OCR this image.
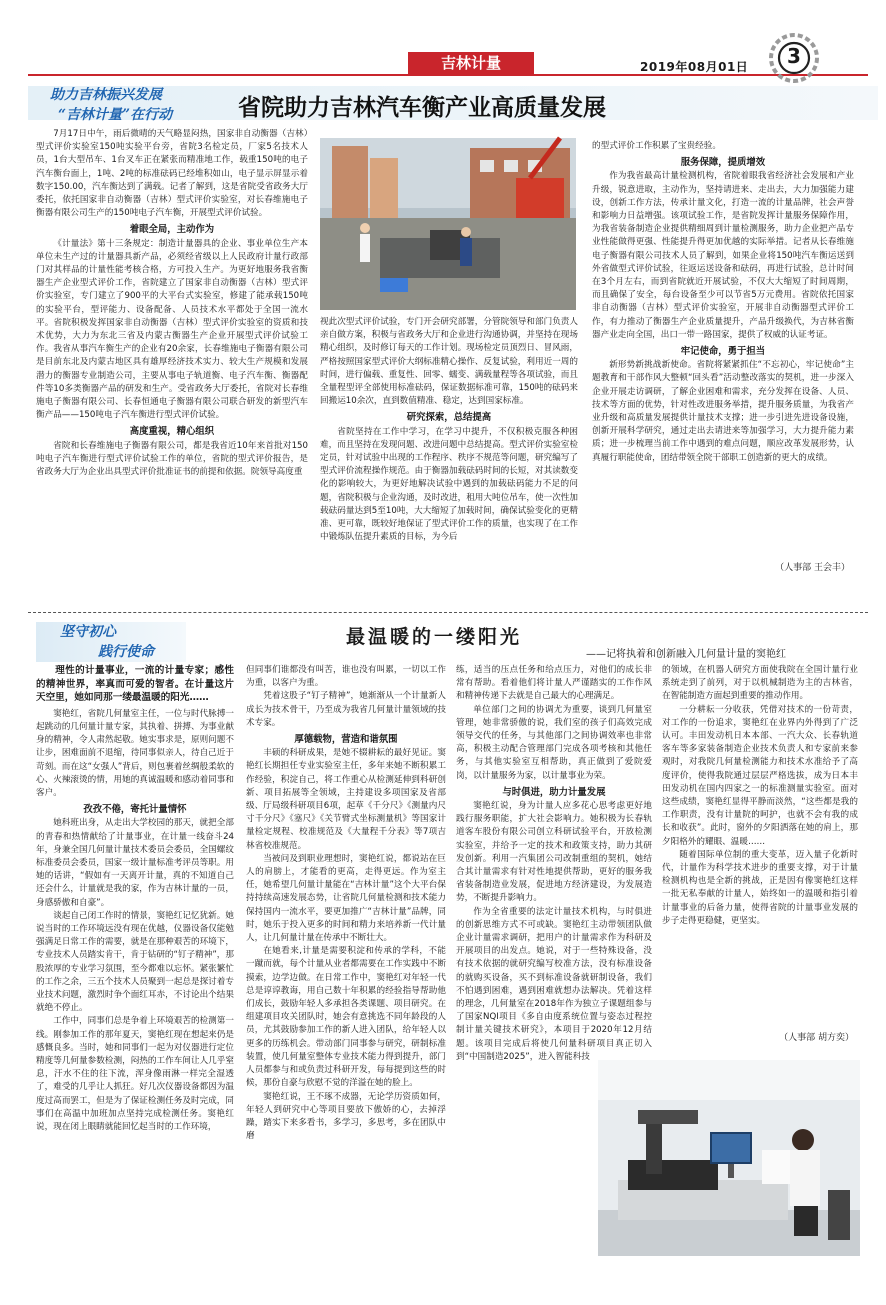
吉林计量	2019年08月01日	3
助力吉林振兴发展
“吉林计量”在行动	省院助力吉林汽车衡产业高质量发展

7月17日中午，雨后微晴的天气略显闷热，国家非自动衡器（吉林）型式评价实验室150吨实验平台旁，省院3名检定员，厂家5名技术人员，1台大型吊车、1台叉车正在紧张而精准地工作，载重150吨的电子汽车衡台面上，1吨、2吨的标准砝码已经堆积如山，电子显示屏显示着数字150.00，汽车衡达到了满载。记者了解到，这是省院受省政务大厅委托，依托国家非自动衡器（吉林）型式评价实验室，对长春维施电子衡器有限公司生产的150吨电子汽车衡，开展型式评价试验。

着眼全局，主动作为

《计量法》第十三条规定：制造计量器具的企业、事业单位生产本单位未生产过的计量器具新产品，必须经省级以上人民政府计量行政部门对其样品的计量性能考核合格，方可投入生产。为更好地服务我省衡器生产企业型式评价工作，省院建立了国家非自动衡器（吉林）型式评价实验室，专门建立了900平的大平台式实验室，修建了能承载150吨的实验平台，型评能力、设备配备、人员技术水平都处于全国一流水平。省院积极发挥国家非自动衡器（吉林）型式评价实验室的资质和技术优势，大力为东北三省及内蒙古衡器生产企业开展型式评价试验工作。我省从事汽车衡生产的企业有20余家，长春维施电子衡器有限公司是目前东北及内蒙古地区具有雄厚经济技术实力、较大生产规模和发展潜力的衡器专业制造公司，主要从事电子轨道衡、电子汽车衡、衡器配件等10多类衡器产品的研发和生产。受省政务大厅委托，省院对长春维施电子衡器有限公司、长春恒通电子衡器有限公司联合研发的新型汽车衡产品——150吨电子汽车衡进行型式评价试验。

高度重视，精心组织

省院和长春维施电子衡器有限公司，都是我省近10年来首批对150吨电子汽车衡进行型式评价试验工作的单位，省院的型式评价报告，是省政务大厅为企业出具型式评价批准证书的前提和依据。院领导高度重

视此次型式评价试验，专门开会研究部署，分管院领导和部门负责人亲自做方案，积极与省政务大厅和企业进行沟通协调，并坚持在现场精心组织，及时修订每天的工作计划。现场检定员顶烈日、冒风雨，严格按照国家型式评价大纲标准精心操作、反复试验，利用近一周的时间，进行偏载、重复性、回零、蠕变、满载量程等各项试验，而且全量程型评全部使用标准砝码，保证数据标准可靠，150吨的砝码来回搬运10余次，直到数值精准、稳定，达到国家标准。
研究探索，总结提高

省院坚持在工作中学习，在学习中提升，不仅积极克服各种困难，而且坚持在发现问题、改进问题中总结提高。型式评价实验室检定员，针对试验中出现的工作程序、秩序不规范等问题，研究编写了型式评价流程操作规范。由于衡器加载砝码时间的长短，对其读数变化的影响较大，为更好地解决试验中遇到的加载砝码能力不足的问题，省院积极与企业沟通，及时改进，租用大吨位吊车，使一次性加载砝码量达到5至10吨，大大缩短了加载时间，确保试验变化的更精准、更可靠，既较好地保证了型式评价工作的质量，也实现了在工作中锻炼队伍提升素质的目标，为今后

的型式评价工作积累了宝贵经验。
服务保障，提质增效

作为我省最高计量检测机构，省院着眼我省经济社会发展和产业升级，锐意进取，主动作为，坚持请进来、走出去，大力加强能力建设，创新工作方法，传承计量文化，打造一流的计量品牌，社会声誉和影响力日益增强。该项试验工作，是省院发挥计量服务保障作用，为我省装备制造企业提供精细周到计量检测服务，助力企业把产品专业性能做得更强、性能提升得更加优越的实际举措。记者从长春维施电子衡器有限公司技术人员了解到，如果企业将150吨汽车衡运送到外省做型式评价试验，往返运送设备和砝码，再进行试验，总计时间在3个月左右，而到省院就近开展试验，不仅大大缩短了时间周期，而且确保了安全，每台设备至少可以节省5万元费用。省院依托国家非自动衡器（吉林）型式评价实验室，开展非自动衡器型式评价工作，有力推动了衡器生产企业质量提升，产品升级换代，为吉林省衡器产业走向全国，出口一带一路国家，提供了权威的认证考证。

牢记使命，勇于担当

新形势新挑战新使命。省院将紧紧抓住“不忘初心，牢记使命”主题教育和干部作风大整顿“回头看”活动整改落实的契机，进一步深入企业开展走访调研，了解企业困难和需求，充分发挥在设备、人员、技术等方面的优势，针对性改进服务举措，提升服务质量，为我省产业升级和高质量发展提供计量技术支撑；进一步引进先进设备设施，创新开展科学研究，通过走出去请进来等加强学习，大力提升能力素质；进一步梳理当前工作中遇到的难点问题，顺应改革发展形势，认真履行职能使命，团结带领全院干部职工创造新的更大的成绩。

（人事部 王会丰）
坚守初心
践行使命
最温暖的一缕阳光
——记将执着和创新融入几何量计量的窦艳红
理性的计量事业，一流的计量专家；感性的精神世界，率真而可爱的智者。在计量这片天空里，她如同那一缕最温暖的阳光……

窦艳红，省院几何量室主任，一位与时代脉搏一起跳动的几何量计量专家，其执着、拼搏、为事业献身的精神，令人肃然起敬。她实事求是，原则问题不让步，困难面前不退缩，待同事似亲人，待自己近于苛刻。而在这“女强人”背后，则包裹着丝绸般柔软的心、火辣滚烫的情，用她的真诚温暖和感动着同事和客户。

孜孜不倦，寄托计量情怀

她科班出身，从走出大学校园的那天，就把全部的青春和热情献给了计量事业，在计量一线奋斗24年，身兼全国几何量计量技术委员会委员，全国螺纹标准委员会委员，国家一级计量标准考评员等职。用她的话讲，“假如有一天离开计量，真的不知道自己还会什么，计量就是我的家，作为吉林计量的一员，身感骄傲和自豪”。

谈起自己闭工作时的情景，窦艳红记忆犹新。她说当时的工作环境远没有现在优越，仪器设备仅能勉强满足日常工作的需要，就是在那种艰苦的环境下，专业技术人员踏实肯干，肯于钻研的“钉子精神”，那股浓厚的专业学习氛围，至今都难以忘怀。紧张繁忙的工作之余，三五个技术人员聚到一起总是探讨着专业技术问题，激烈时争个面红耳赤，不讨论出个结果就绝不停止。

工作中，同事们总是争着上环境艰苦的检测第一线。刚参加工作的那年夏天，窦艳红现在想起来仍是感慨良多。当时，她和同事们一起为对仪器进行定位精度等几何量参数检测，闷热的工作车间让人几乎窒息，汗水不住的往下流，浑身像雨淋一样完全湿透了，难受的几乎让人抓狂。好几次仪器设备都因为温度过高而罢工，但是为了保证检测任务及时完成，同事们在高温中加班加点坚持完成检测任务。窦艳红说，现在闭上眼睛就能回忆起当时的工作环境，

但同事们谁都没有叫苦，谁也没有叫累，一切以工作为重，以客户为重。

凭着这股子“钉子精神”，她渐渐从一个计量新人成长为技术骨干，乃至成为我省几何量计量领域的技术专家。

厚德载物，营造和谐氛围

丰硕的科研成果，是她不辍耕耘的最好见证。窦艳红长期担任专业实验室主任，多年来她不断积累工作经验，积淀自己，将工作重心从检测延伸到科研创新、项目拓展等全领域，主持建设多项国家及省部级、厅局级科研项目6项，起草《千分尺》《测量内尺寸千分尺》《塞尺》《关节臂式坐标测量机》等国家计量检定规程、校准规范及《大量程千分表》等7项吉林省校准规范。

当被问及到职业理想时，窦艳红说，都说站在巨人的肩膀上，才能看的更高，走得更远。作为室主任，她希望几何量计量能在“吉林计量”这个大平台保持持续高速发展态势，让省院几何量检测和技术能力保持国内一流水平，要更加推广“吉林计量”品牌，同时，她乐于投入更多的时间和精力来培养新一代计量人，让几何量计量在传承中不断壮大。

在她看来,计量是需要积淀和传承的学科，不能一蹴而就，每个计量从业者都需要在工作实践中不断摸索，边学边做。在日常工作中，窦艳红对年轻一代总是谆谆教诲，用自己数十年积累的经验指导帮助他们成长，鼓励年轻人多承担各类课题、项目研究。在组建项目攻关团队时，她会有意挑选不同年龄段的人员，尤其鼓励参加工作的新人进入团队，给年轻人以更多的历练机会。带动部门同事参与研究，研制标准装置，使几何量室整体专业技术能力得到提升，部门人员都参与和或负责过科研开发，每每提到这些的时候，那份自豪与欣慰不觉的洋溢在她的脸上。

窦艳红说，王不琢不成器，无论学历资质如何，年轻人到研究中心等项目要放下傲娇的心，去掉浮躁，踏实下来多看书，多学习，多思考，多在团队中磨

练，适当的压点任务和给点压力，对他们的成长非常有帮助。看着他们将计量人严谨踏实的工作作风和精神传递下去就是自己最大的心理满足。

单位部门之间的协调尤为重要，谈到几何量室管理，她非常骄傲的说，我们室的孩子们高效完成领导交代的任务，与其他部门之间协调效率也非常高，积极主动配合管理部门完成各项考核和其他任务，与其他实验室互相帮助，真正做到了爱院爱岗，以计量服务为家，以计量事业为荣。

与时俱进，助力计量发展

窦艳红说，身为计量人应多花心思考虑更好地践行服务职能，扩大社会影响力。她积极为长春轨道客车股份有限公司创立科研试验平台，开放检测实验室，并给予一定的技术和政策支持，助力其研发创新。利用一汽集团公司改制重组的契机，她结合其计量需求有针对性地提供帮助，更好的服务我省装备制造业发展，促进地方经济建设，为发展造势，不断提升影响力。

作为全省重要的法定计量技术机构，与时俱进的创新思维方式不可或缺。窦艳红主动带领团队做企业计量需求调研，把用户的计量需求作为科研及开展项目的出发点。她说，对于一些特殊设备，没有技术依据的就研究编写校准方法，没有标准设备的就购买设备，买不到标准设备就研制设备，我们不怕遇到困难，遇到困难就想办法解决。凭着这样的理念，几何量室在2018年作为独立子课题组参与了国家NQI项目《多自由度系统位置与姿态过程控制计量关键技术研究》，本项目于2020年12月结题。该项目完成后将使几何量科研项目真正切入到“中国制造2025”，进入智能科技

的领域，在机器人研究方面使我院在全国计量行业系统走到了前列，对于以机械制造为主的吉林省，在智能制造方面起到重要的推动作用。

一分耕耘一分收获，凭借对技术的一份苛责，对工作的一份追求，窦艳红在业界内外得到了广泛认可。丰田发动机日本本部、一汽大众、长春轨道客车等多家装备制造企业技术负责人和专家前来参观时，对我院几何量检测能力和技术水准给予了高度评价，使得我院通过层层严格选拔，成为日本丰田发动机在国内四家之一的标准测量实验室。面对这些成绩，窦艳红显得平静而淡然，“这些都是我的工作职责，没有计量院的呵护，也就不会有我的成长和收获”。此时，窗外的夕阳洒落在她的肩上，那夕阳格外的耀眼、温暖……

随着国际单位制的重大变革，迈入量子化新时代，计量作为科学技术进步的重要支撑，对于计量检测机构也是全新的挑战，正是因有像窦艳红这样一批无私奉献的计量人，始终如一的温暖和指引着计量事业的后备力量，使得省院的计量事业发展的步子走得更稳健，更坚实。

（人事部 胡方奕）
